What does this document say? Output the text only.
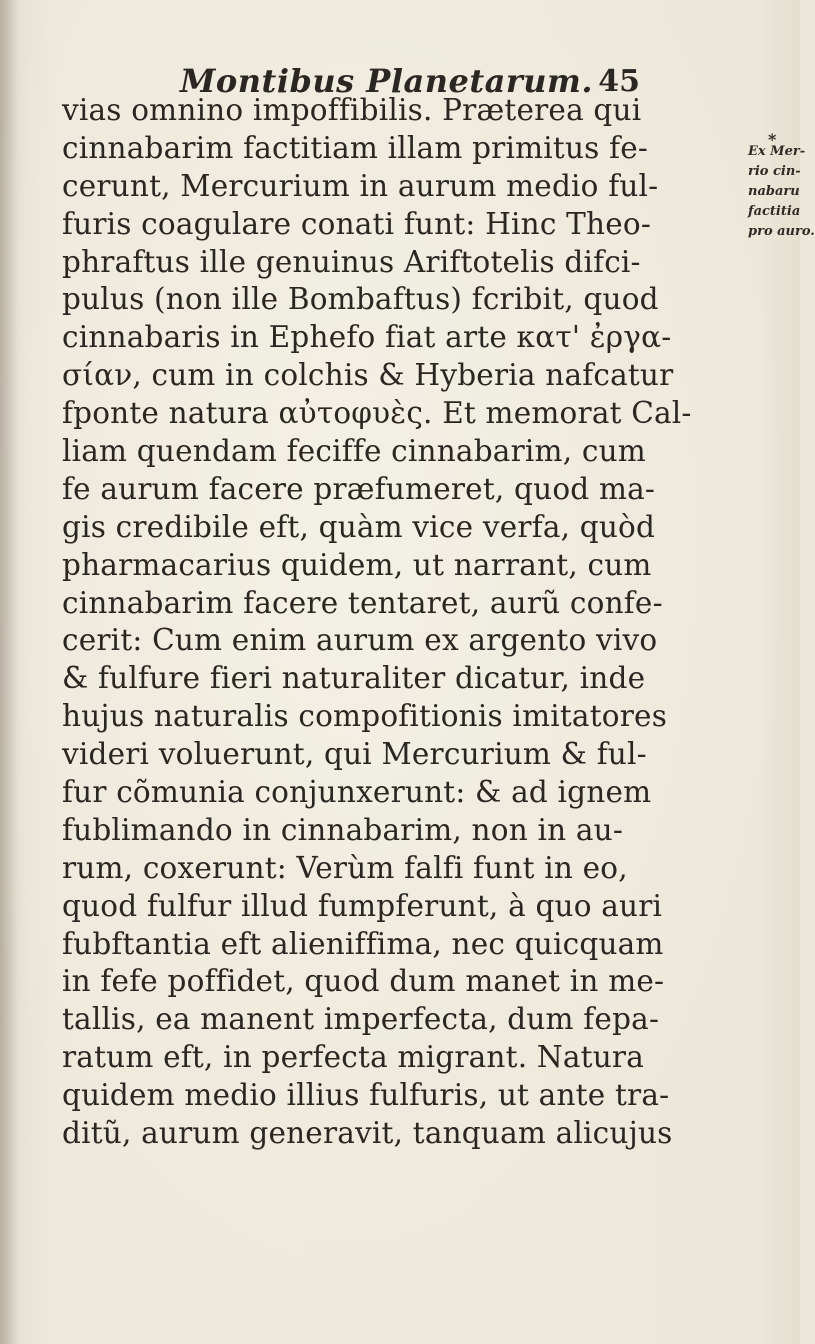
Montibus Planetarum. 45
vias omnino impoffibilis. Præterea qui
cinnabarim factitiam illam primitus fe-
cerunt, Mercurium in aurum medio ful-
furis coagulare conati funt: Hinc Theo-
phraftus ille genuinus Ariftotelis difci-
pulus (non ille Bombaftus) fcribit, quod
cinnabaris in Ephefo fiat arte κατ' ἐργα-
σίαν, cum in colchis & Hyberia nafcatur
fponte natura αὐτοφυὲς. Et memorat Cal-
liam quendam feciffe cinnabarim, cum
fe aurum facere præfumeret, quod ma-
gis credibile eft, quàm vice verfa, quòd
pharmacarius quidem, ut narrant, cum
cinnabarim facere tentaret, aurũ confe-
cerit: Cum enim aurum ex argento vivo
& fulfure fieri naturaliter dicatur, inde
hujus naturalis compofitionis imitatores
videri voluerunt, qui Mercurium & ful-
fur cõmunia conjunxerunt: & ad ignem
fublimando in cinnabarim, non in au-
rum, coxerunt: Verùm falfi funt in eo,
quod fulfur illud fumpferunt, à quo auri
fubftantia eft alieniffima, nec quicquam
in fefe poffidet, quod dum manet in me-
tallis, ea manent imperfecta, dum fepa-
ratum eft, in perfecta migrant. Natura
quidem medio illius fulfuris, ut ante tra-
ditũ, aurum generavit, tanquam alicujus
*
Ex Mer-
rio cin-
nabaru
factitia
pro auro.
